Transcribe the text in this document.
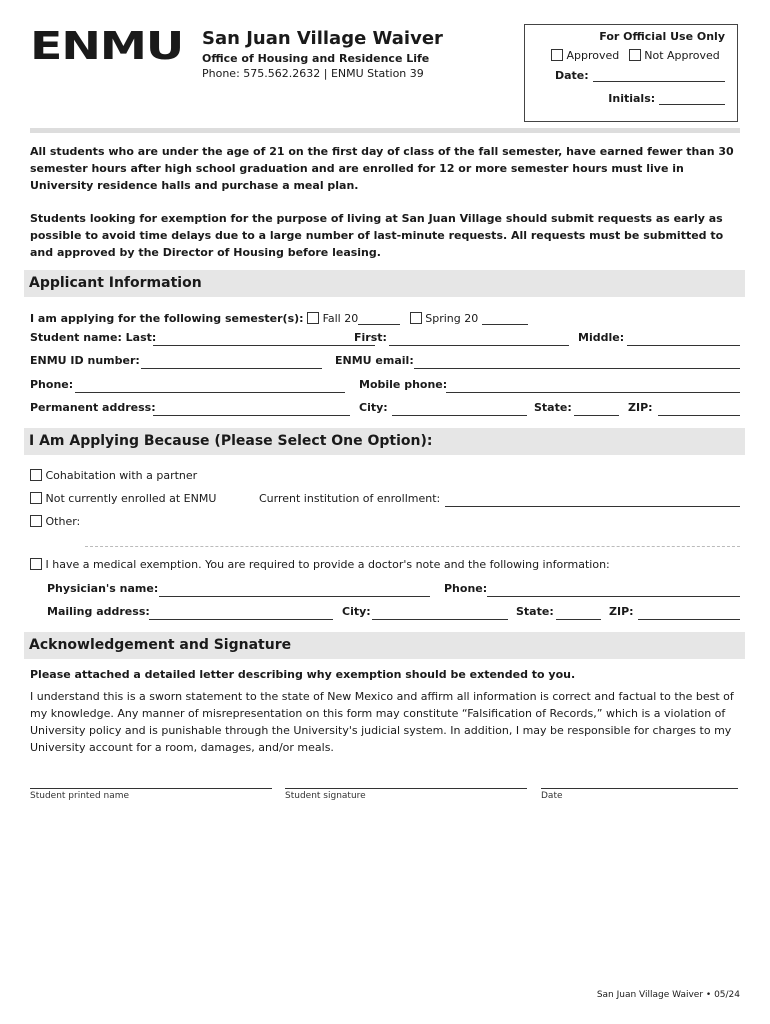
ENMU San Juan Village Waiver
Office of Housing and Residence Life
Phone: 575.562.2632 | ENMU Station 39
For Official Use Only
Approved Not Approved
Date:
Initials:
All students who are under the age of 21 on the first day of class of the fall semester, have earned fewer than 30 semester hours after high school graduation and are enrolled for 12 or more semester hours must live in University residence halls and purchase a meal plan.
Students looking for exemption for the purpose of living at San Juan Village should submit requests as early as possible to avoid time delays due to a large number of last-minute requests. All requests must be submitted to and approved by the Director of Housing before leasing.
Applicant Information
I am applying for the following semester(s): Fall 20	Spring 20
Student name: Last:	First:	Middle:
ENMU ID number:	ENMU email:
Phone:	Mobile phone:
Permanent address:	City:	State:	ZIP:
I Am Applying Because (Please Select One Option):
Cohabitation with a partner
Not currently enrolled at ENMU	Current institution of enrollment:
Other:
I have a medical exemption. You are required to provide a doctor's note and the following information:
Physician's name:	Phone:
Mailing address:	City:	State:	ZIP:
Acknowledgement and Signature
Please attached a detailed letter describing why exemption should be extended to you.
I understand this is a sworn statement to the state of New Mexico and affirm all information is correct and factual to the best of my knowledge. Any manner of misrepresentation on this form may constitute “Falsification of Records,” which is a violation of University policy and is punishable through the University's judicial system. In addition, I may be responsible for charges to my University account for a room, damages, and/or meals.
Student printed name	Student signature	Date
San Juan Village Waiver • 05/24
